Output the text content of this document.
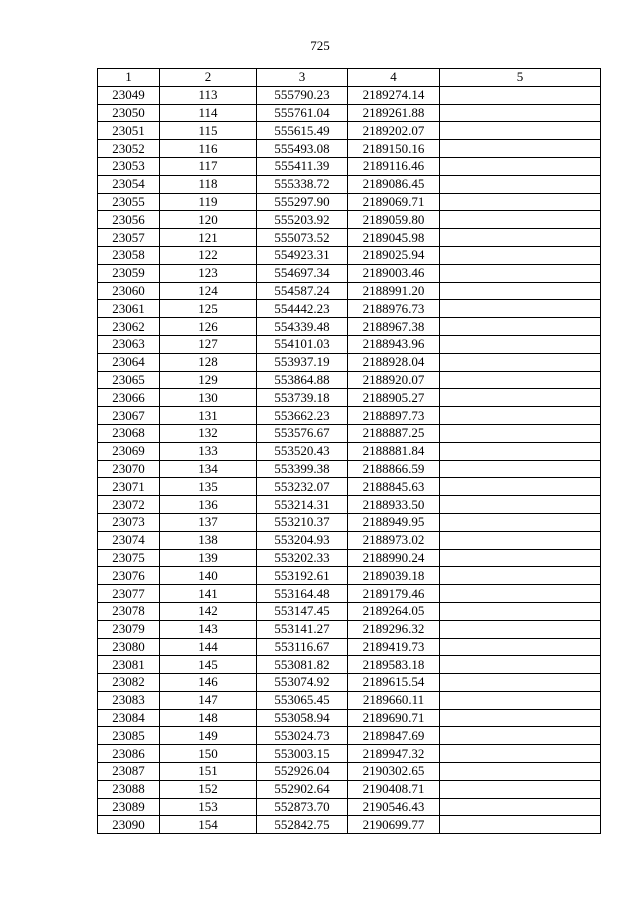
725
1	2	3	4	5
23049	113	555790.23	2189274.14	
23050	114	555761.04	2189261.88	
23051	115	555615.49	2189202.07	
23052	116	555493.08	2189150.16	
23053	117	555411.39	2189116.46	
23054	118	555338.72	2189086.45	
23055	119	555297.90	2189069.71	
23056	120	555203.92	2189059.80	
23057	121	555073.52	2189045.98	
23058	122	554923.31	2189025.94	
23059	123	554697.34	2189003.46	
23060	124	554587.24	2188991.20	
23061	125	554442.23	2188976.73	
23062	126	554339.48	2188967.38	
23063	127	554101.03	2188943.96	
23064	128	553937.19	2188928.04	
23065	129	553864.88	2188920.07	
23066	130	553739.18	2188905.27	
23067	131	553662.23	2188897.73	
23068	132	553576.67	2188887.25	
23069	133	553520.43	2188881.84	
23070	134	553399.38	2188866.59	
23071	135	553232.07	2188845.63	
23072	136	553214.31	2188933.50	
23073	137	553210.37	2188949.95	
23074	138	553204.93	2188973.02	
23075	139	553202.33	2188990.24	
23076	140	553192.61	2189039.18	
23077	141	553164.48	2189179.46	
23078	142	553147.45	2189264.05	
23079	143	553141.27	2189296.32	
23080	144	553116.67	2189419.73	
23081	145	553081.82	2189583.18	
23082	146	553074.92	2189615.54	
23083	147	553065.45	2189660.11	
23084	148	553058.94	2189690.71	
23085	149	553024.73	2189847.69	
23086	150	553003.15	2189947.32	
23087	151	552926.04	2190302.65	
23088	152	552902.64	2190408.71	
23089	153	552873.70	2190546.43	
23090	154	552842.75	2190699.77	
